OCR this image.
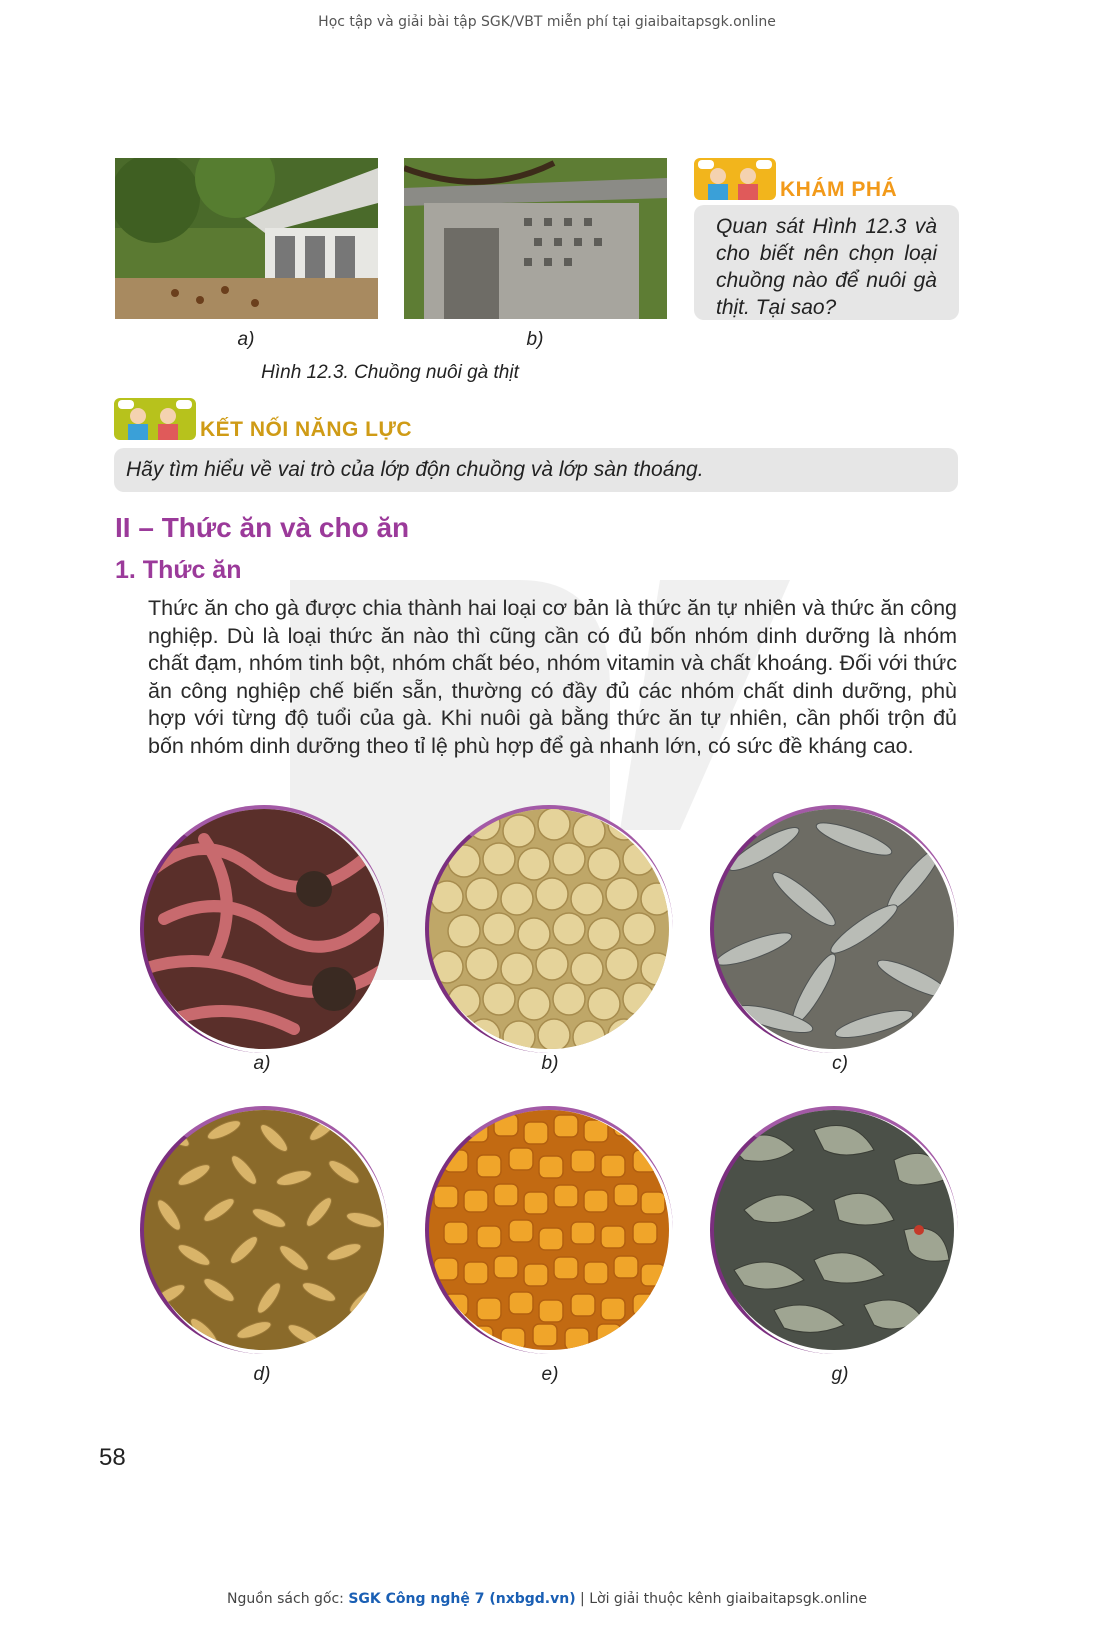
Học tập và giải bài tập SGK/VBT miễn phí tại giaibaitapsgk.online
a)	b)
Hình 12.3. Chuồng nuôi gà thịt
KHÁM PHÁ
Quan sát Hình 12.3 và cho biết nên chọn loại chuồng nào để nuôi gà thịt. Tại sao?
KẾT NỐI NĂNG LỰC
Hãy tìm hiểu về vai trò của lớp độn chuồng và lớp sàn thoáng.
II – Thức ăn và cho ăn
1. Thức ăn
Thức ăn cho gà được chia thành hai loại cơ bản là thức ăn tự nhiên và thức ăn công nghiệp. Dù là loại thức ăn nào thì cũng cần có đủ bốn nhóm dinh dưỡng là nhóm chất đạm, nhóm tinh bột, nhóm chất béo, nhóm vitamin và chất khoáng. Đối với thức ăn công nghiệp chế biến sẵn, thường có đầy đủ các nhóm chất dinh dưỡng, phù hợp với từng độ tuổi của gà. Khi nuôi gà bằng thức ăn tự nhiên, cần phối trộn đủ bốn nhóm dinh dưỡng theo tỉ lệ phù hợp để gà nhanh lớn, có sức đề kháng cao.
a)	b)	c)
d)	e)	g)
58
Nguồn sách gốc: SGK Công nghệ 7 (nxbgd.vn) | Lời giải thuộc kênh giaibaitapsgk.online
